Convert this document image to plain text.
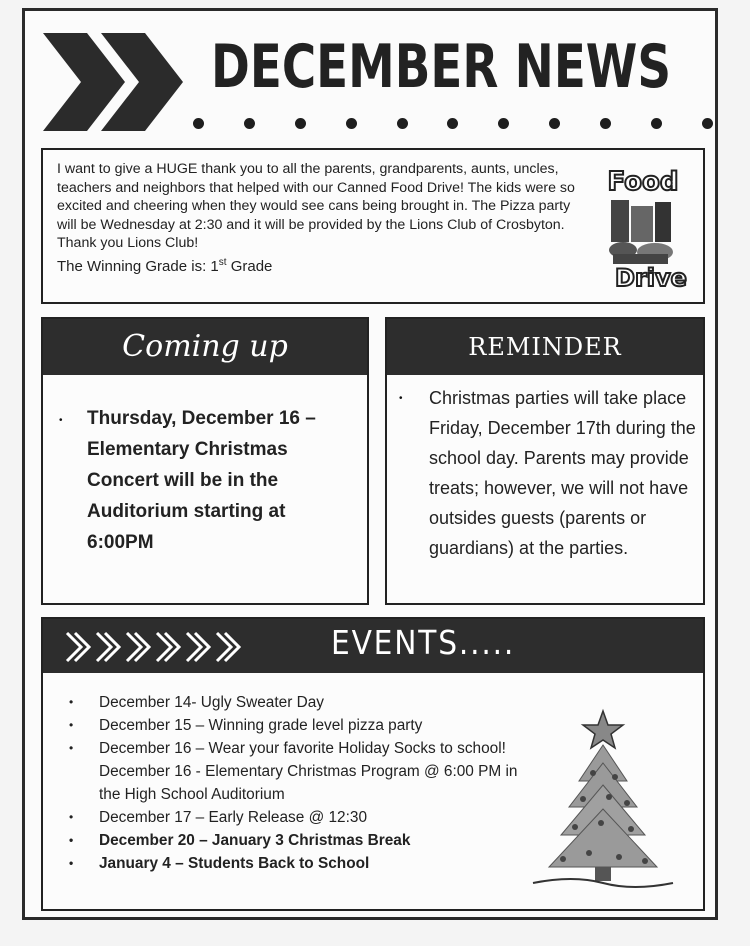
DECEMBER NEWS
I want to give a HUGE thank you to all the parents, grandparents, aunts, uncles, teachers and neighbors that helped with our Canned Food Drive! The kids were so excited and cheering when they would see cans being brought in. The Pizza party will be Wednesday at 2:30 and it will be provided by the Lions Club of Crosbyton. Thank you Lions Club!
The Winning Grade is: 1st Grade
Food
Drive
Coming up
• Thursday, December 16 – Elementary Christmas Concert will be in the Auditorium starting at 6:00PM
REMINDER
• Christmas parties will take place Friday, December 17th during the school day. Parents may provide treats; however, we will not have outsides guests (parents or guardians) at the parties.
EVENTS.....
• December 14- Ugly Sweater Day
• December 15 – Winning grade level pizza party
• December 16 – Wear your favorite Holiday Socks to school! December 16 - Elementary Christmas Program @ 6:00 PM in the High School Auditorium
• December 17 – Early Release @ 12:30
• December 20 – January 3 Christmas Break
• January 4 – Students Back to School
